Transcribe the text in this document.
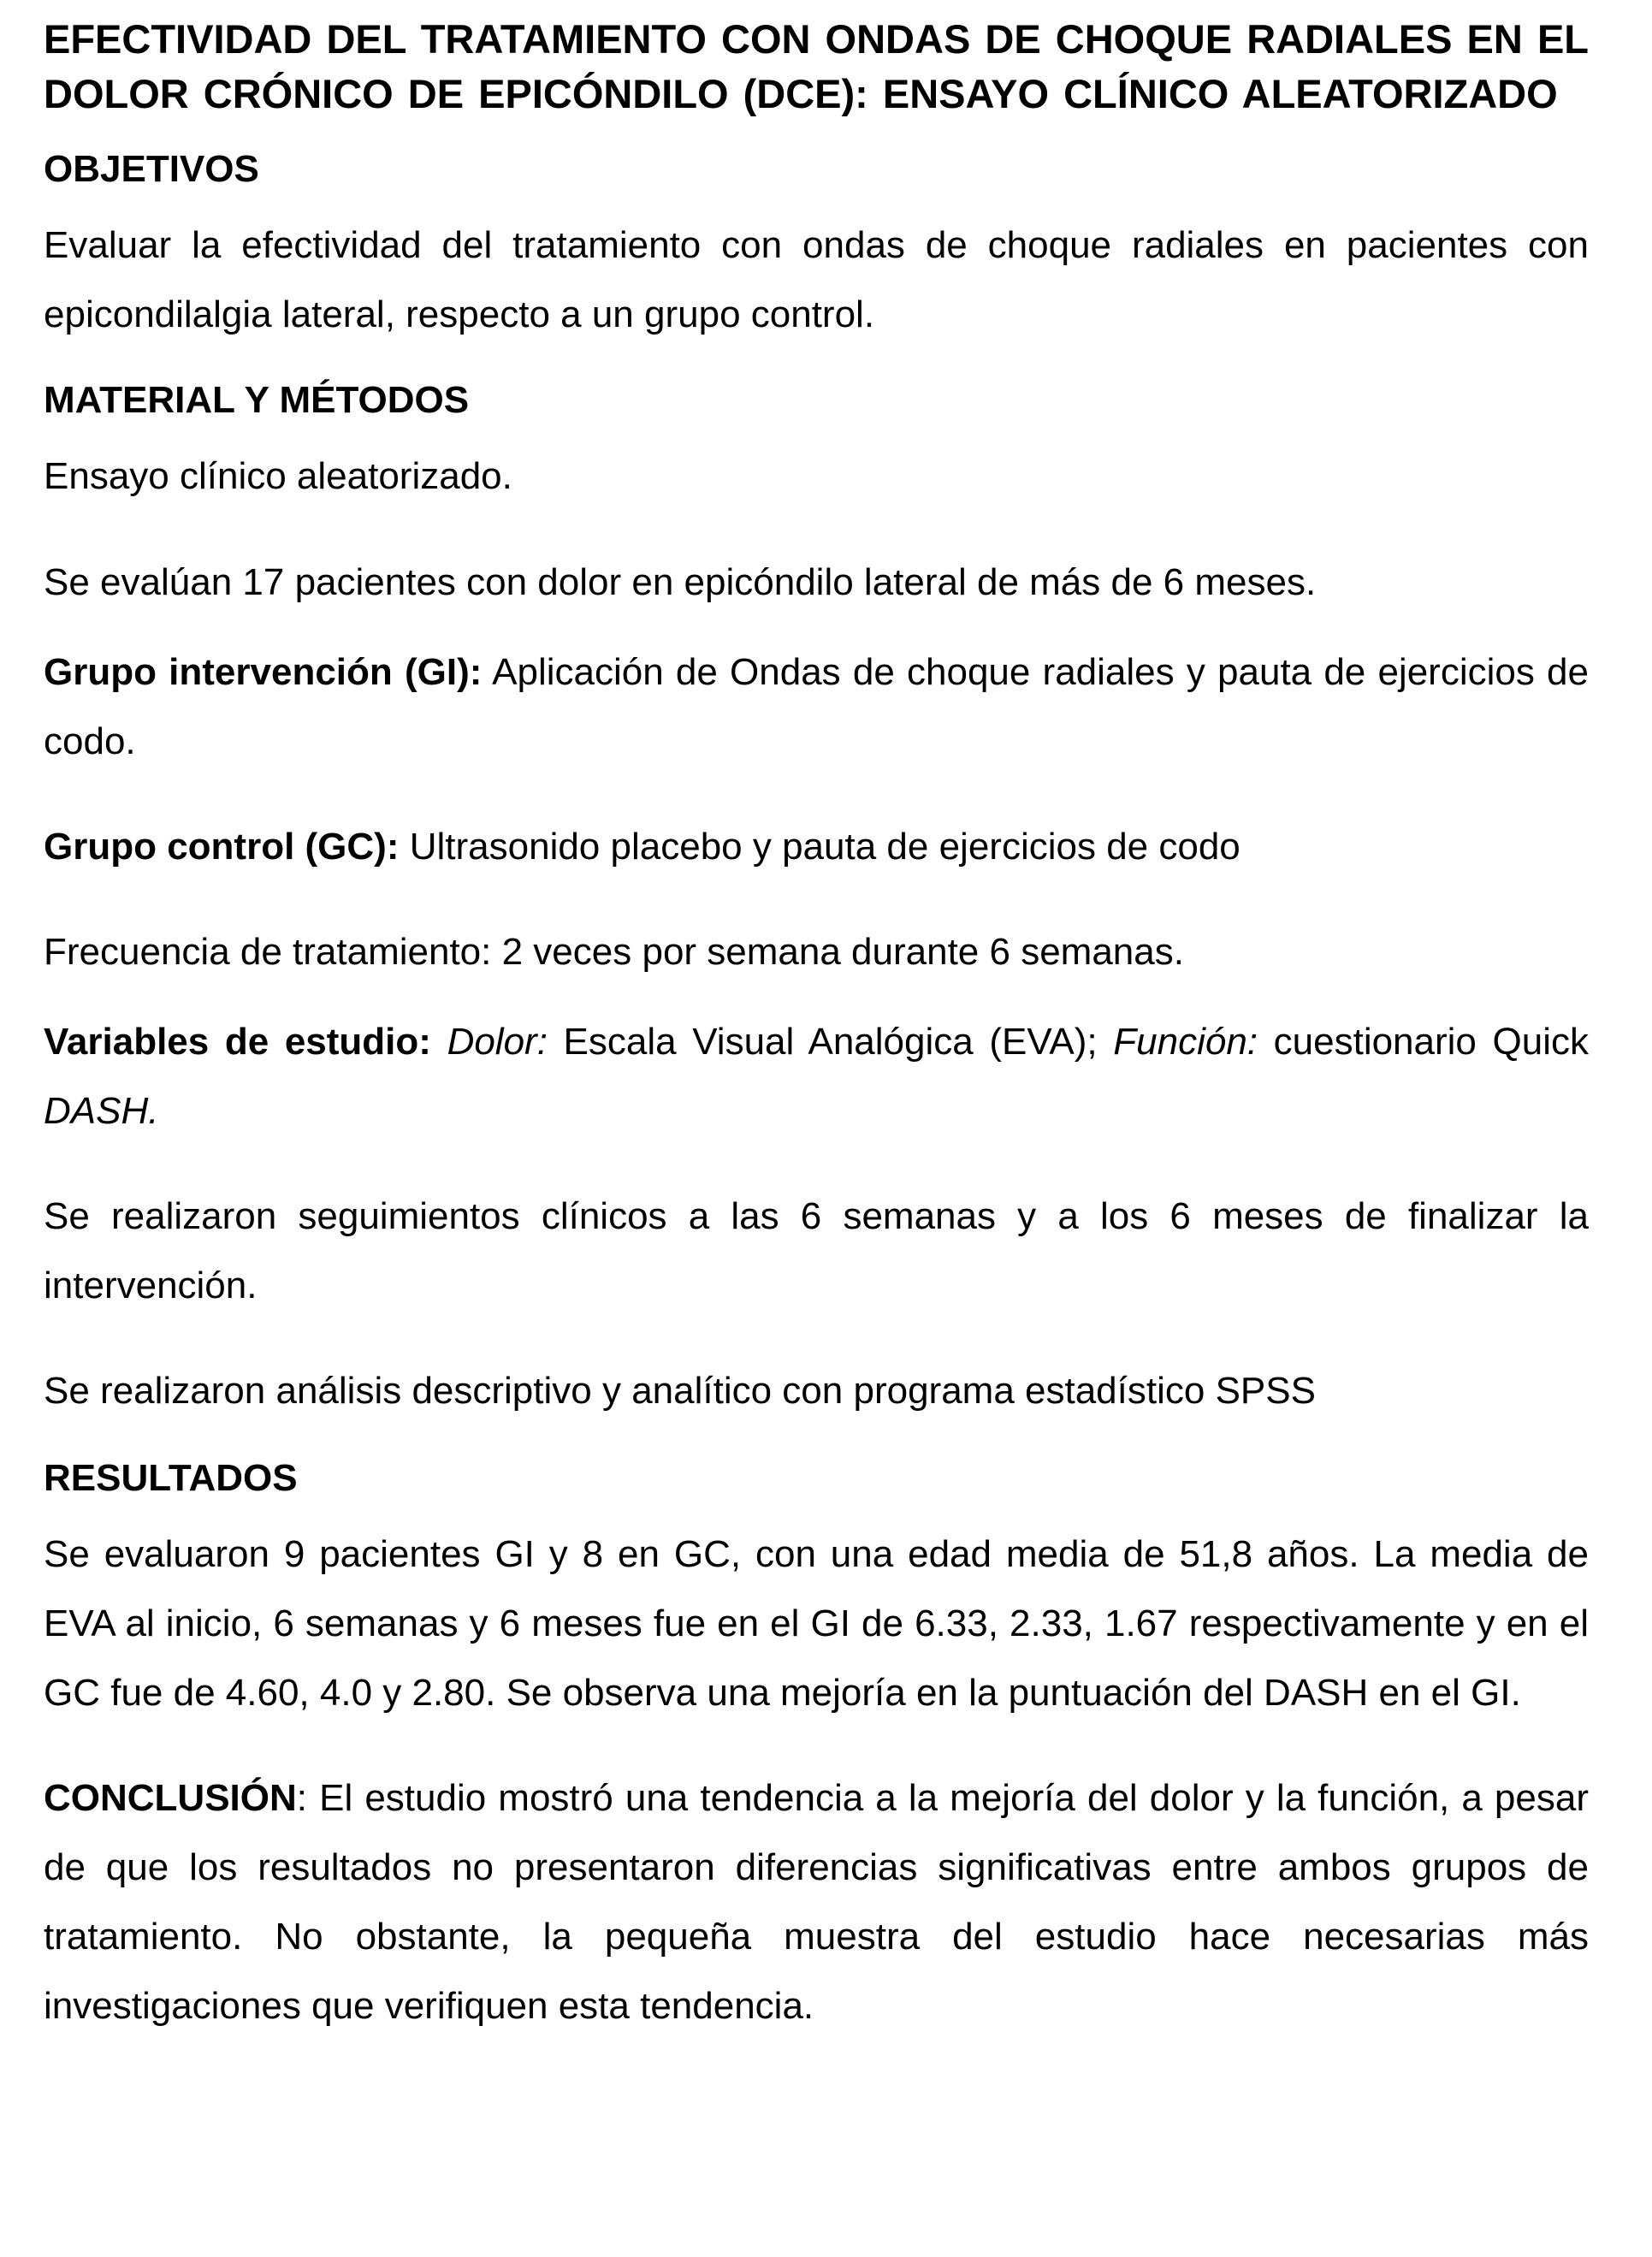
EFECTIVIDAD DEL TRATAMIENTO CON ONDAS DE CHOQUE RADIALES EN EL DOLOR CRÓNICO DE EPICÓNDILO (DCE): ENSAYO CLÍNICO ALEATORIZADO
OBJETIVOS

Evaluar la efectividad del tratamiento con ondas de choque radiales en pacientes con epicondilalgia lateral, respecto a un grupo control.

MATERIAL Y MÉTODOS

Ensayo clínico aleatorizado.

Se evalúan 17 pacientes con dolor en epicóndilo lateral de más de 6 meses.

Grupo intervención (GI): Aplicación de Ondas de choque radiales y pauta de ejercicios de codo.

Grupo control (GC): Ultrasonido placebo y pauta de ejercicios de codo

Frecuencia de tratamiento: 2 veces por semana durante 6 semanas.

Variables de estudio: Dolor: Escala Visual Analógica (EVA); Función: cuestionario Quick DASH.

Se realizaron seguimientos clínicos a las 6 semanas y a los 6 meses de finalizar la intervención.

Se realizaron análisis descriptivo y analítico con programa estadístico SPSS

RESULTADOS

Se evaluaron 9 pacientes GI y 8 en GC, con una edad media de 51,8 años. La media de EVA al inicio, 6 semanas y 6 meses fue en el GI de 6.33, 2.33, 1.67 respectivamente y en el GC fue de 4.60, 4.0 y 2.80. Se observa una mejoría en la puntuación del DASH en el GI.

CONCLUSIÓN: El estudio mostró una tendencia a la mejoría del dolor y la función, a pesar de que los resultados no presentaron diferencias significativas entre ambos grupos de tratamiento. No obstante, la pequeña muestra del estudio hace necesarias más investigaciones que verifiquen esta tendencia.
